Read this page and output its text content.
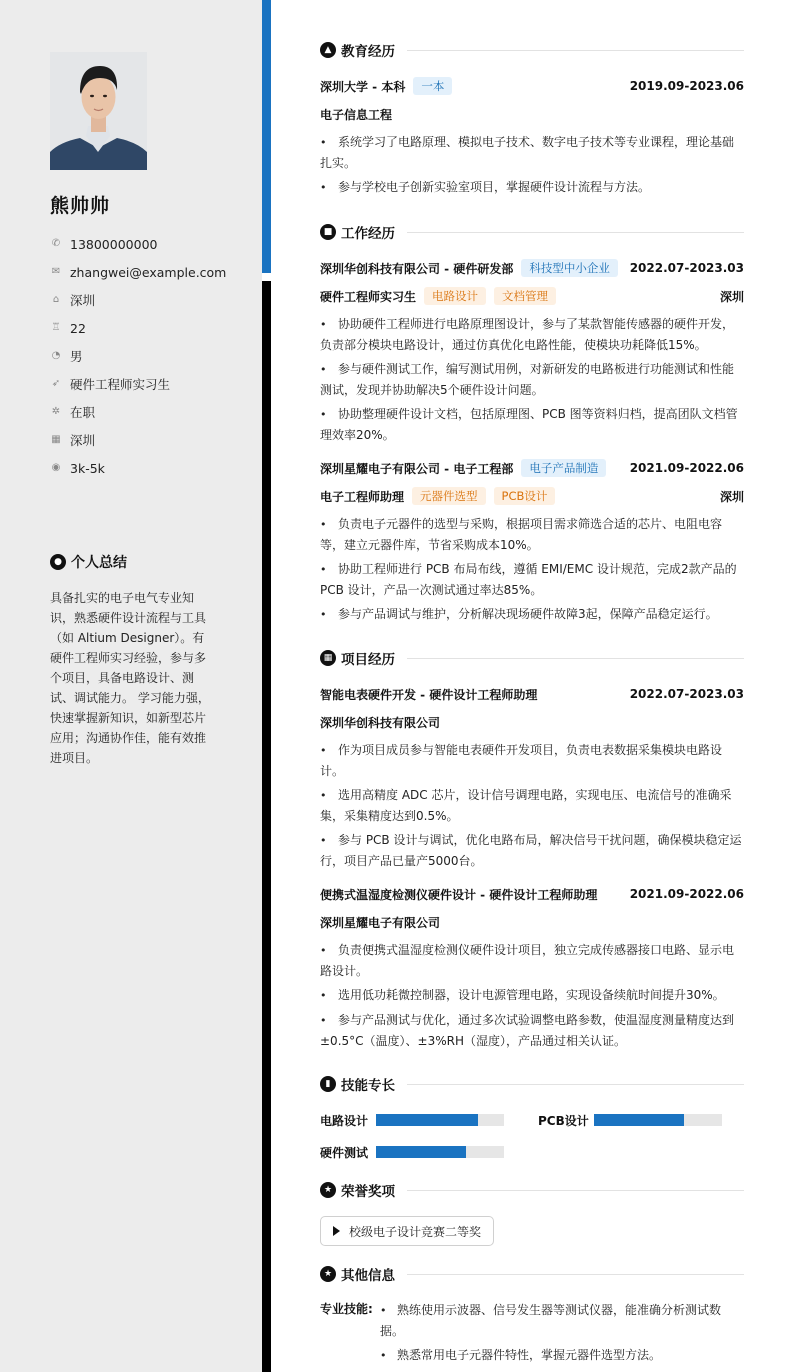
熊帅帅
✆ 13800000000
✉ zhangwei@example.com
⌂ 深圳
♖ 22
◔ 男
➶ 硬件工程师实习生
✲ 在职
▦ 深圳
◉ 3k-5k
● 个人总结
具备扎实的电子电气专业知识，熟悉硬件设计流程与工具（如 Altium Designer）。有硬件工程师实习经验，参与多个项目，具备电路设计、测试、调试能力。 学习能力强，快速掌握新知识，如新型芯片应用；沟通协作佳，能有效推进项目。
▲ 教育经历
深圳大学 - 本科	一本	2019.09-2023.06
电子信息工程
• 系统学习了电路原理、模拟电子技术、数字电子技术等专业课程，理论基础扎实。
• 参与学校电子创新实验室项目，掌握硬件设计流程与方法。
■ 工作经历
深圳华创科技有限公司 - 硬件研发部	科技型中小企业	2022.07-2023.03
硬件工程师实习生	电路设计	文档管理	深圳
• 协助硬件工程师进行电路原理图设计，参与了某款智能传感器的硬件开发，负责部分模块电路设计，通过仿真优化电路性能，使模块功耗降低15%。
• 参与硬件测试工作，编写测试用例，对新研发的电路板进行功能测试和性能测试，发现并协助解决5个硬件设计问题。
• 协助整理硬件设计文档，包括原理图、PCB 图等资料归档，提高团队文档管理效率20%。
深圳星耀电子有限公司 - 电子工程部	电子产品制造	2021.09-2022.06
电子工程师助理	元器件选型	PCB设计	深圳
• 负责电子元器件的选型与采购，根据项目需求筛选合适的芯片、电阻电容等，建立元器件库，节省采购成本10%。
• 协助工程师进行 PCB 布局布线，遵循 EMI/EMC 设计规范，完成2款产品的 PCB 设计，产品一次测试通过率达85%。
• 参与产品调试与维护，分析解决现场硬件故障3起，保障产品稳定运行。
▦ 项目经历
智能电表硬件开发 - 硬件设计工程师助理	2022.07-2023.03
深圳华创科技有限公司
• 作为项目成员参与智能电表硬件开发项目，负责电表数据采集模块电路设计。
• 选用高精度 ADC 芯片，设计信号调理电路，实现电压、电流信号的准确采集，采集精度达到0.5%。
• 参与 PCB 设计与调试，优化电路布局，解决信号干扰问题，确保模块稳定运行，项目产品已量产5000台。
便携式温湿度检测仪硬件设计 - 硬件设计工程师助理	2021.09-2022.06
深圳星耀电子有限公司
• 负责便携式温湿度检测仪硬件设计项目，独立完成传感器接口电路、显示电路设计。
• 选用低功耗微控制器，设计电源管理电路，实现设备续航时间提升30%。
• 参与产品测试与优化，通过多次试验调整电路参数，使温湿度测量精度达到±0.5°C（温度）、±3%RH（湿度），产品通过相关认证。
▮ 技能专长
电路设计	PCB设计
硬件测试
★ 荣誉奖项
校级电子设计竞赛二等奖
★ 其他信息
专业技能:
•	熟练使用示波器、信号发生器等测试仪器，能准确分析测试数据。
• 熟悉常用电子元器件特性，掌握元器件选型方法。
